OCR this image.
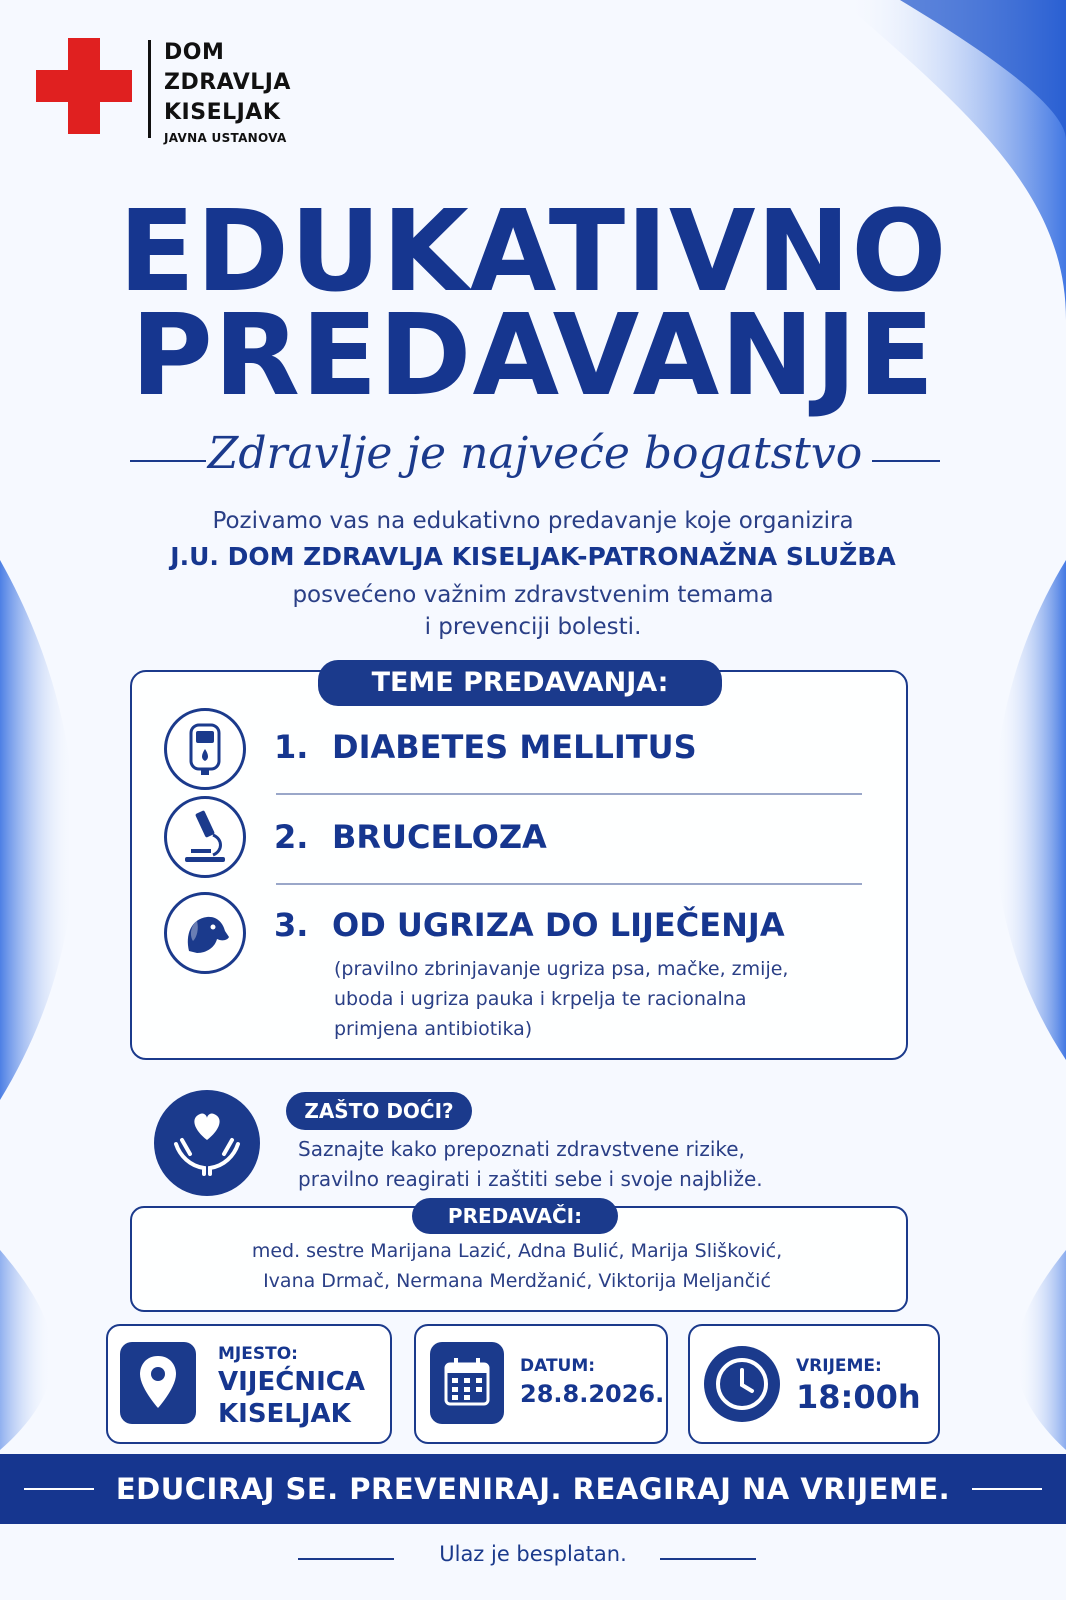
DOM
ZDRAVLJA
KISELJAK
JAVNA USTANOVA
EDUKATIVNO
PREDAVANJE
Zdravlje je najveće bogatstvo
Pozivamo vas na edukativno predavanje koje organizira
J.U. DOM ZDRAVLJA KISELJAK-PATRONAŽNA SLUŽBA
posvećeno važnim zdravstvenim temama
i prevenciji bolesti.
TEME PREDAVANJA:
1. DIABETES MELLITUS
2. BRUCELOZA
3. OD UGRIZA DO LIJEČENJA
(pravilno zbrinjavanje ugriza psa, mačke, zmije,
uboda i ugriza pauka i krpelja te racionalna
primjena antibiotika)
ZAŠTO DOĆI?
Saznajte kako prepoznati zdravstvene rizike,
pravilno reagirati i zaštiti sebe i svoje najbliže.
PREDAVAČI:
med. sestre Marijana Lazić, Adna Bulić, Marija Slišković,
Ivana Drmač, Nermana Merdžanić, Viktorija Meljančić
MJESTO:
VIJEĆNICA
KISELJAK
DATUM:
28.8.2026.
VRIJEME:
18:00h
EDUCIRAJ SE. PREVENIRAJ. REAGIRAJ NA VRIJEME.
Ulaz je besplatan.
